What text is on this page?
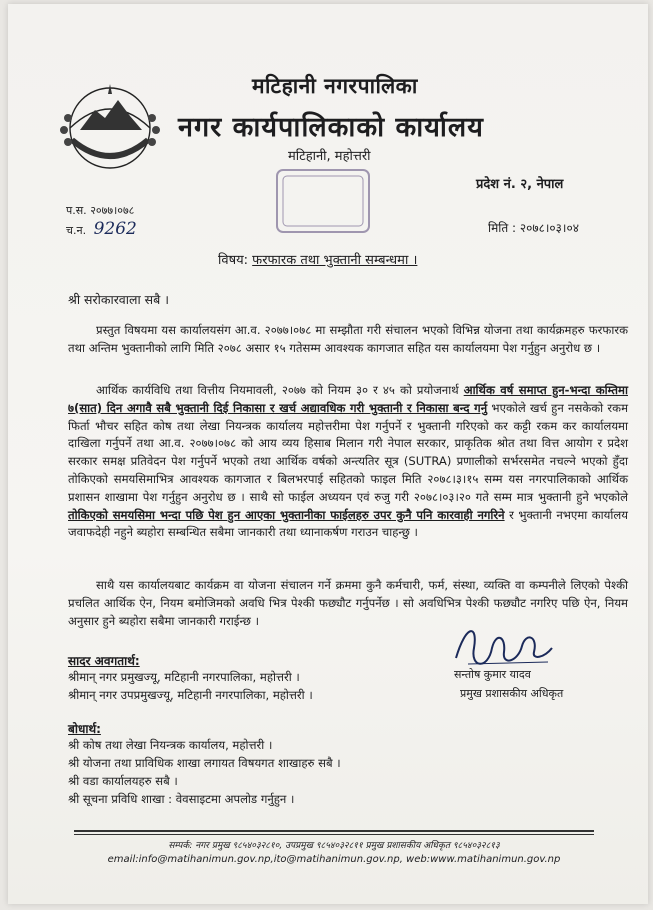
मटिहानी नगरपालिका
नगर कार्यपालिकाको कार्यालय
मटिहानी, महोत्तरी
प्रदेश नं. २, नेपाल
प.स. २०७७।०७८
च.न. 9262	मिति : २०७८।०३।०४
विषय: फरफारक तथा भुक्तानी सम्बन्धमा ।
श्री सरोकारवाला सबै ।

प्रस्तुत विषयमा यस कार्यालयसंग आ.व. २०७७।०७८ मा सम्झौता गरी संचालन भएको विभिन्न योजना तथा कार्यक्रमहरु फरफारक तथा अन्तिम भुक्तानीको लागि मिति २०७८ असार १५ गतेसम्म आवश्यक कागजात सहित यस कार्यालयमा पेश गर्नुहुन अनुरोध छ ।

आर्थिक कार्यविधि तथा वित्तीय नियमावली, २०७७ को नियम ३० र ४५ को प्रयोजनार्थ आर्थिक वर्ष समाप्त हुन-भन्दा कम्तिमा ७(सात) दिन अगावै सबै भुक्तानी दिई निकासा र खर्च अद्यावधिक गरी भुक्तानी र निकासा बन्द गर्नु भएकोले खर्च हुन नसकेको रकम फिर्ता भौचर सहित कोष तथा लेखा नियन्त्रक कार्यालय महोत्तरीमा पेश गर्नुपर्ने र भुक्तानी गरिएको कर कट्टी रकम कर कार्यालयमा दाखिला गर्नुपर्ने तथा आ.व. २०७७।०७८ को आय व्यय हिसाब मिलान गरी नेपाल सरकार, प्राकृतिक श्रोत तथा वित्त आयोग र प्रदेश सरकार समक्ष प्रतिवेदन पेश गर्नुपर्ने भएको तथा आर्थिक वर्षको अन्त्यतिर सूत्र (SUTRA) प्रणालीको सर्भरसमेत नचल्ने भएको हुँदा तोकिएको समयसिमाभित्र आवश्यक कागजात र बिलभरपाई सहितको फाइल मिति २०७८।३।१५ सम्म यस नगरपालिकाको आर्थिक प्रशासन शाखामा पेश गर्नुहुन अनुरोध छ । साथै सो फाईल अध्ययन एवं रुजु गरी २०७८।०३।२० गते सम्म मात्र भुक्तानी हुने भएकोले तोकिएको समयसिमा भन्दा पछि पेश हुन आएका भुक्तानीका फाईलहरु उपर कुनै पनि कारवाही नगरिने र भुक्तानी नभएमा कार्यालय जवाफदेही नहुने ब्यहोरा सम्बन्धित सबैमा जानकारी तथा ध्यानाकर्षण गराउन चाहन्छु ।

साथै यस कार्यालयबाट कार्यक्रम वा योजना संचालन गर्ने क्रममा कुनै कर्मचारी, फर्म, संस्था, व्यक्ति वा कम्पनीले लिएको पेश्की प्रचलित आर्थिक ऐन, नियम बमोजिमको अवधि भित्र पेश्की फछ्यौट गर्नुपर्नेछ । सो अवधिभित्र पेश्की फछ्यौट नगरिए पछि ऐन, नियम अनुसार हुने ब्यहोरा सबैमा जानकारी गराईन्छ ।

सन्तोष कुमार यादव
प्रमुख प्रशासकीय अधिकृत

सादर अवगतार्थ:

श्रीमान् नगर प्रमुखज्यू, मटिहानी नगरपालिका, महोत्तरी ।
श्रीमान् नगर उपप्रमुखज्यू, मटिहानी नगरपालिका, महोत्तरी ।

बोधार्थ:

श्री कोष तथा लेखा नियन्त्रक कार्यालय, महोत्तरी ।
श्री योजना तथा प्राविधिक शाखा लगायत विषयगत शाखाहरु सबै ।
श्री वडा कार्यालयहरु सबै ।
श्री सूचना प्रविधि शाखा : वेवसाइटमा अपलोड गर्नुहुन ।
सम्पर्क: नगर प्रमुख ९८५४०३२८१०, उपप्रमुख ९८५४०३२८११ प्रमुख प्रशासकीय अधिकृत ९८५४०३२८१३
email:info@matihanimun.gov.np,ito@matihanimun.gov.np, web:www.matihanimun.gov.np
